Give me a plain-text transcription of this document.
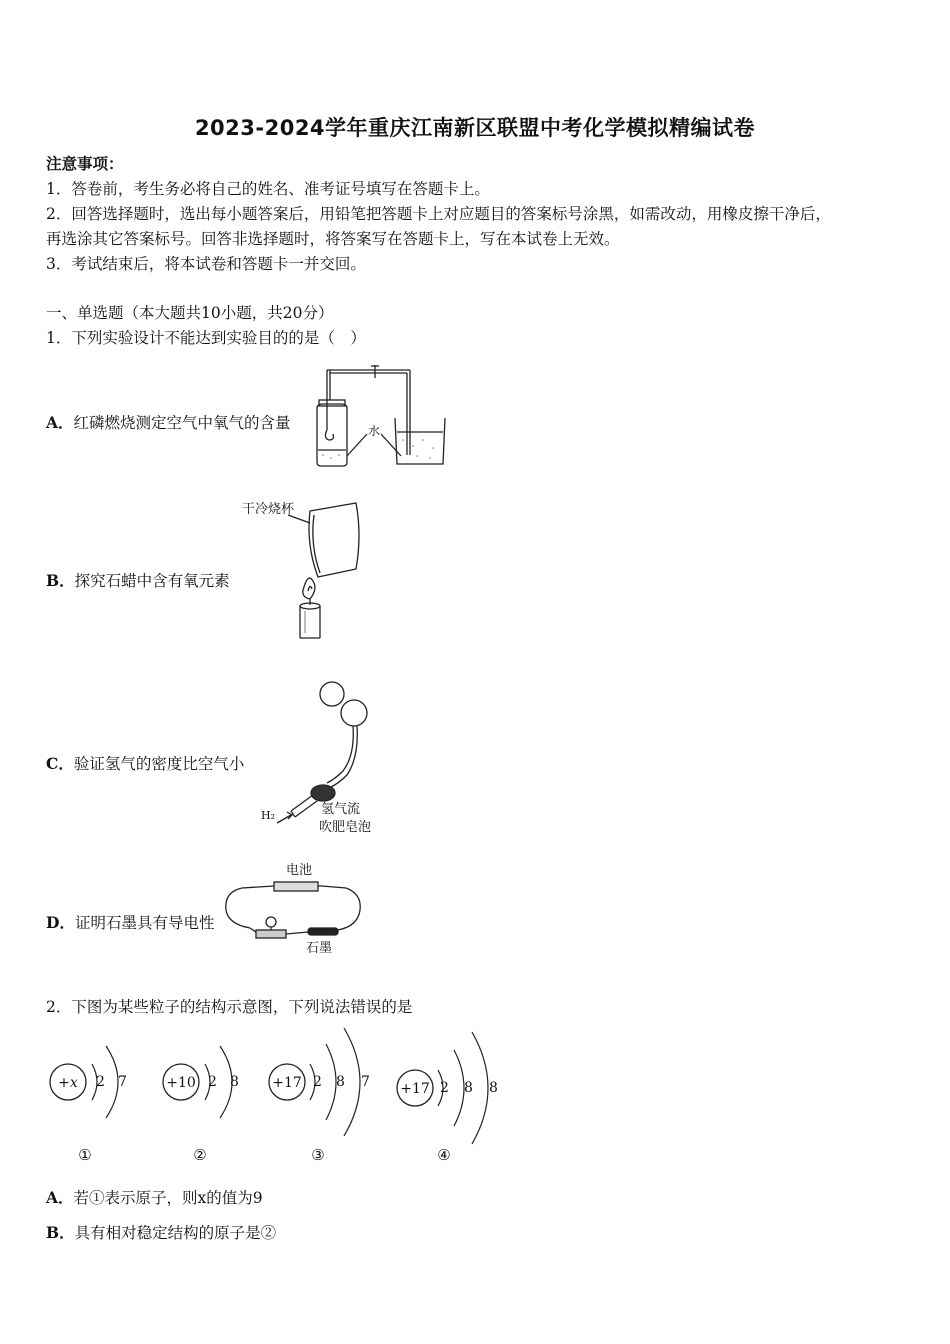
2023-2024学年重庆江南新区联盟中考化学模拟精编试卷
注意事项：
1．答卷前，考生务必将自己的姓名、准考证号填写在答题卡上。
2．回答选择题时，选出每小题答案后，用铅笔把答题卡上对应题目的答案标号涂黑，如需改动，用橡皮擦干净后，
再选涂其它答案标号。回答非选择题时，将答案写在答题卡上，写在本试卷上无效。
3．考试结束后，将本试卷和答题卡一并交回。
一、单选题（本大题共10小题，共20分）
1．下列实验设计不能达到实验目的的是（　）
A．红磷燃烧测定空气中氧气的含量
B．探究石蜡中含有氧元素
C．验证氢气的密度比空气小
D．证明石墨具有导电性
水
干冷烧杯
H₂	氢气流
吹肥皂泡
电池
石墨
2．下图为某些粒子的结构示意图，下列说法错误的是
+x 2 7
①
+10 2 8
②
+17 2 8 7
③
+17 2 8 8
④
A．若①表示原子，则x的值为9
B．具有相对稳定结构的原子是②
